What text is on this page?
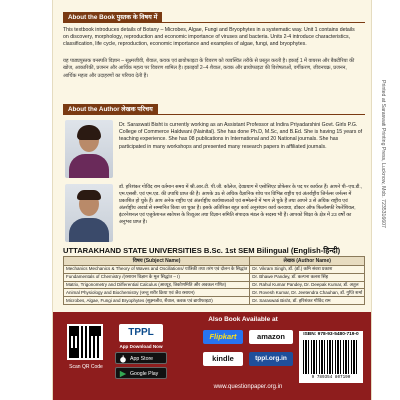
About the Book पुस्तक के विषय में
This textbook introduces details of Botany – Microbes, Algae, Fungi and Bryophytes in a systematic way. Unit 1 contains details on discovery, morphology, reproduction and economic importance of viruses and bacteria. Units 2-4 introduce characteristics, classification, life cycle, reproduction, economic importance and examples of algae, fungi, and bryophytes.
यह पाठ्यपुस्तक वनस्पति विज्ञान – सूक्ष्मजीवी, शैवाल, कवक एवं ब्रायोफाइटा के विवरण को व्यवस्थित तरीके से प्रस्तुत करती है। इकाई 1 में वायरस और बैक्टीरिया की खोज, आकारिकी, प्रजनन और आर्थिक महत्व पर विवरण शामिल है। इकाइयाँ 2–4 शैवाल, कवक और ब्रायोफाइटा की विशेषताओं, वर्गीकरण, जीवनचक्र, प्रजनन, आर्थिक महत्व और उदाहरणों का परिचय देती हैं।
About the Author लेखक परिचय
Dr. Saraswati Bisht is currently working as an Assistant Professor at Indira Priyadarshini Govt. Girls P.G. College of Commerce Haldwani (Nainital). She has done Ph.D, M.Sc, and B.Ed. She is having 15 years of teaching experience. She has 08 publications in International and 20 National journals. She has participated in many workshops and presented many research papers in affiliated journals.
डॉ. हरिशंकर गोविंद राम वर्तमान समय में श्री.आर.टी. पी.जी. कॉलेज, देवप्रयाग में एसोसिएट प्रोफेसर के पद पर कार्यरत हैं। आपने पी–एच.डी., एम.एससी. एवं एम.एड. की उपाधि प्राप्त की है। आपके 35 से अधिक वैज्ञानिक शोध पत्र विभिन्न राष्ट्रीय एवं अंतर्राष्ट्रीय जिर्नल्स जर्नल्स में प्रकाशित हो चुके हैं। आप अनेक राष्ट्रीय एवं अंतर्राष्ट्रीय कार्यशालाओं एवं सम्मेलनों में भाग ले चुके हैं तथा आपने 3 से अधिक राष्ट्रीय एवं अंतर्राष्ट्रीय अवार्ड से सम्मानित किया जा चुका है। इसके अतिरिक्त बहुत कार्य अनुसंधान कार्य करवाया, डॉक्टर ऑफ फिलॉसफी रेफरेंशियल, इंटरनेशनल एवं एजुकेशनल स्कोपस के रिव्यूअर तथा विज्ञान समिति संपादक मंडल के सदस्य भी हैं। आपको शिक्षा के क्षेत्र में 23 वर्षों का अनुभव प्राप्त है।
UTTARAKHAND STATE UNIVERSITIES B.Sc. 1st SEM Bilingual (English-हिन्दी)
विषय (Subject Name)	लेखक (Author Name)
Mechanics Mechanics & Theory of Waves and Oscillations/ यांत्रिकी तथा तरंग एवं दोलन के सिद्धांत	Dr. Vikram Singh, डॉ. (डॉ.) कमि संवरा प्रकाश
Fundamentals of Chemistry /(रसायन विज्ञान के मूल सिद्धांत – I)	Dr. Bhawe Pandey, डॉ. कल्पना कलश सिंह
Matrix, Trigonometry and Differential Calculus (आव्यूह, त्रिकोणमिति और अवकल गणित)	Dr. Rahul Kumar Pandey, Dr. Deepak Kumar, डॉ. अतुल
Animal Physiology and Biochemistry (जन्तु शरीर क्रिया एवं जैव रसायन)	Dr. Rovesh Kumar, Dr. Jeetendra Chauhan, डॉ. गुप्ति शर्मा
Microbes, Algae, Fungi and Bryophytes (सूक्ष्मजीव, शैवाल, कवक एवं ब्रायोफाइटा)	Dr. Saraswati Bisht, डॉ. हरिशंकर गोविंद राम
Scan QR Code
TPPL
App Download Now
App Store
Google Play
Also Book Available at
Flipkart	amazon
kindle	tppl.org.in
www.questionpaper.org.in
ISBN: 978-93-5480-719-0
9 789354 807190
Printed at Saraswati Printing Press, Lucknow, Mob. 7235316607
